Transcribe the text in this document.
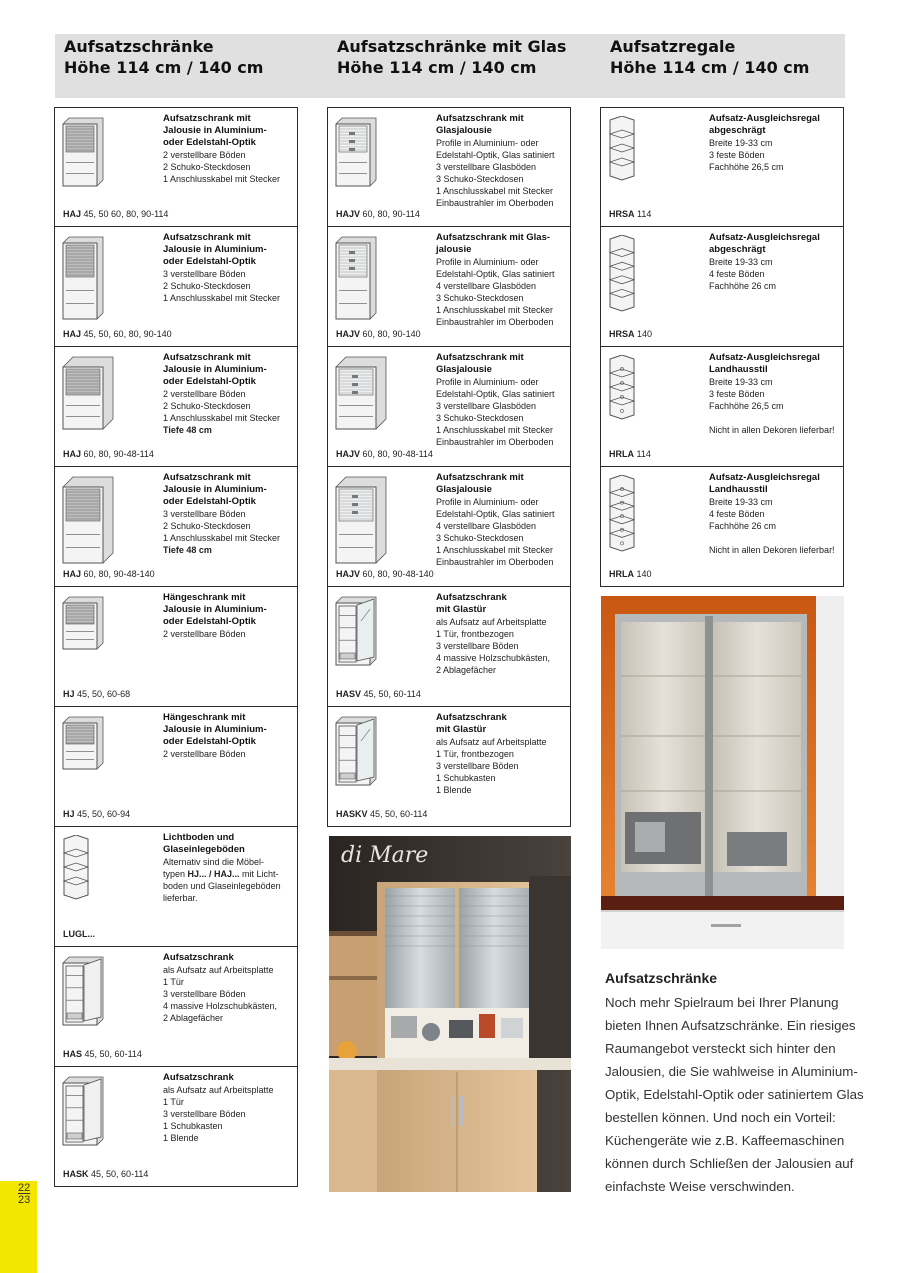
Aufsatzschränke
Höhe 114 cm / 140 cm
Aufsatzschränke mit Glas
Höhe 114 cm / 140 cm
Aufsatzregale
Höhe 114 cm / 140 cm
Aufsatzschrank mit
Jalousie in Aluminium-
oder Edelstahl-Optik
2 verstellbare Böden
2 Schuko-Steckdosen
1 Anschlusskabel mit Stecker
HAJ 45, 50 60, 80, 90-114
Aufsatzschrank mit
Jalousie in Aluminium-
oder Edelstahl-Optik
3 verstellbare Böden
2 Schuko-Steckdosen
1 Anschlusskabel mit Stecker
HAJ 45, 50, 60, 80, 90-140
Aufsatzschrank mit
Jalousie in Aluminium-
oder Edelstahl-Optik
2 verstellbare Böden
2 Schuko-Steckdosen
1 Anschlusskabel mit Stecker
Tiefe 48 cm
HAJ 60, 80, 90-48-114
Aufsatzschrank mit
Jalousie in Aluminium-
oder Edelstahl-Optik
3 verstellbare Böden
2 Schuko-Steckdosen
1 Anschlusskabel mit Stecker
Tiefe 48 cm
HAJ 60, 80, 90-48-140
Hängeschrank mit
Jalousie in Aluminium-
oder Edelstahl-Optik
2 verstellbare Böden
HJ 45, 50, 60-68
Hängeschrank mit
Jalousie in Aluminium-
oder Edelstahl-Optik
2 verstellbare Böden
HJ 45, 50, 60-94
Lichtboden und
Glaseinlegeböden
Alternativ sind die Möbel-
typen HJ... / HAJ... mit Licht-
boden und Glaseinlegeböden
lieferbar.
LUGL...
Aufsatzschrank
als Aufsatz auf Arbeitsplatte
1 Tür
3 verstellbare Böden
4 massive Holzschubkästen,
2 Ablagefächer
HAS 45, 50, 60-114
Aufsatzschrank
als Aufsatz auf Arbeitsplatte
1 Tür
3 verstellbare Böden
1 Schubkasten
1 Blende
HASK 45, 50, 60-114
Aufsatzschrank mit
Glasjalousie
Profile in Aluminium- oder
Edelstahl-Optik, Glas satiniert
3 verstellbare Glasböden
3 Schuko-Steckdosen
1 Anschlusskabel mit Stecker
Einbaustrahler im Oberboden
HAJV 60, 80, 90-114
Aufsatzschrank mit Glas-
jalousie
Profile in Aluminium- oder
Edelstahl-Optik, Glas satiniert
4 verstellbare Glasböden
3 Schuko-Steckdosen
1 Anschlusskabel mit Stecker
Einbaustrahler im Oberboden
HAJV 60, 80, 90-140
Aufsatzschrank mit
Glasjalousie
Profile in Aluminium- oder
Edelstahl-Optik, Glas satiniert
3 verstellbare Glasböden
3 Schuko-Steckdosen
1 Anschlusskabel mit Stecker
Einbaustrahler im Oberboden
HAJV 60, 80, 90-48-114
Aufsatzschrank mit
Glasjalousie
Profile in Aluminium- oder
Edelstahl-Optik, Glas satiniert
4 verstellbare Glasböden
3 Schuko-Steckdosen
1 Anschlusskabel mit Stecker
Einbaustrahler im Oberboden
HAJV 60, 80, 90-48-140
Aufsatzschrank
mit Glastür
als Aufsatz auf Arbeitsplatte
1 Tür, frontbezogen
3 verstellbare Böden
4 massive Holzschubkästen,
2 Ablagefächer
HASV 45, 50, 60-114
Aufsatzschrank
mit Glastür
als Aufsatz auf Arbeitsplatte
1 Tür, frontbezogen
3 verstellbare Böden
1 Schubkasten
1 Blende
HASKV 45, 50, 60-114
Aufsatz-Ausgleichsregal
abgeschrägt
Breite 19-33 cm
3 feste Böden
Fachhöhe 26,5 cm
HRSA 114
Aufsatz-Ausgleichsregal
abgeschrägt
Breite 19-33 cm
4 feste Böden
Fachhöhe 26 cm
HRSA 140
Aufsatz-Ausgleichsregal
Landhausstil
Breite 19-33 cm
3 feste Böden
Fachhöhe 26,5 cm
Nicht in allen Dekoren lieferbar!
HRLA 114
Aufsatz-Ausgleichsregal
Landhausstil
Breite 19-33 cm
4 feste Böden
Fachhöhe 26 cm
Nicht in allen Dekoren lieferbar!
HRLA 140
di Mare
Aufsatzschränke
Noch mehr Spielraum bei Ihrer Planung
bieten Ihnen Aufsatzschränke. Ein riesiges
Raumangebot versteckt sich hinter den
Jalousien, die Sie wahlweise in Aluminium-
Optik, Edelstahl-Optik oder satiniertem Glas
bestellen können. Und noch ein Vorteil:
Küchengeräte wie z.B. Kaffeemaschinen
können durch Schließen der Jalousien auf
einfachste Weise verschwinden.
22
23
